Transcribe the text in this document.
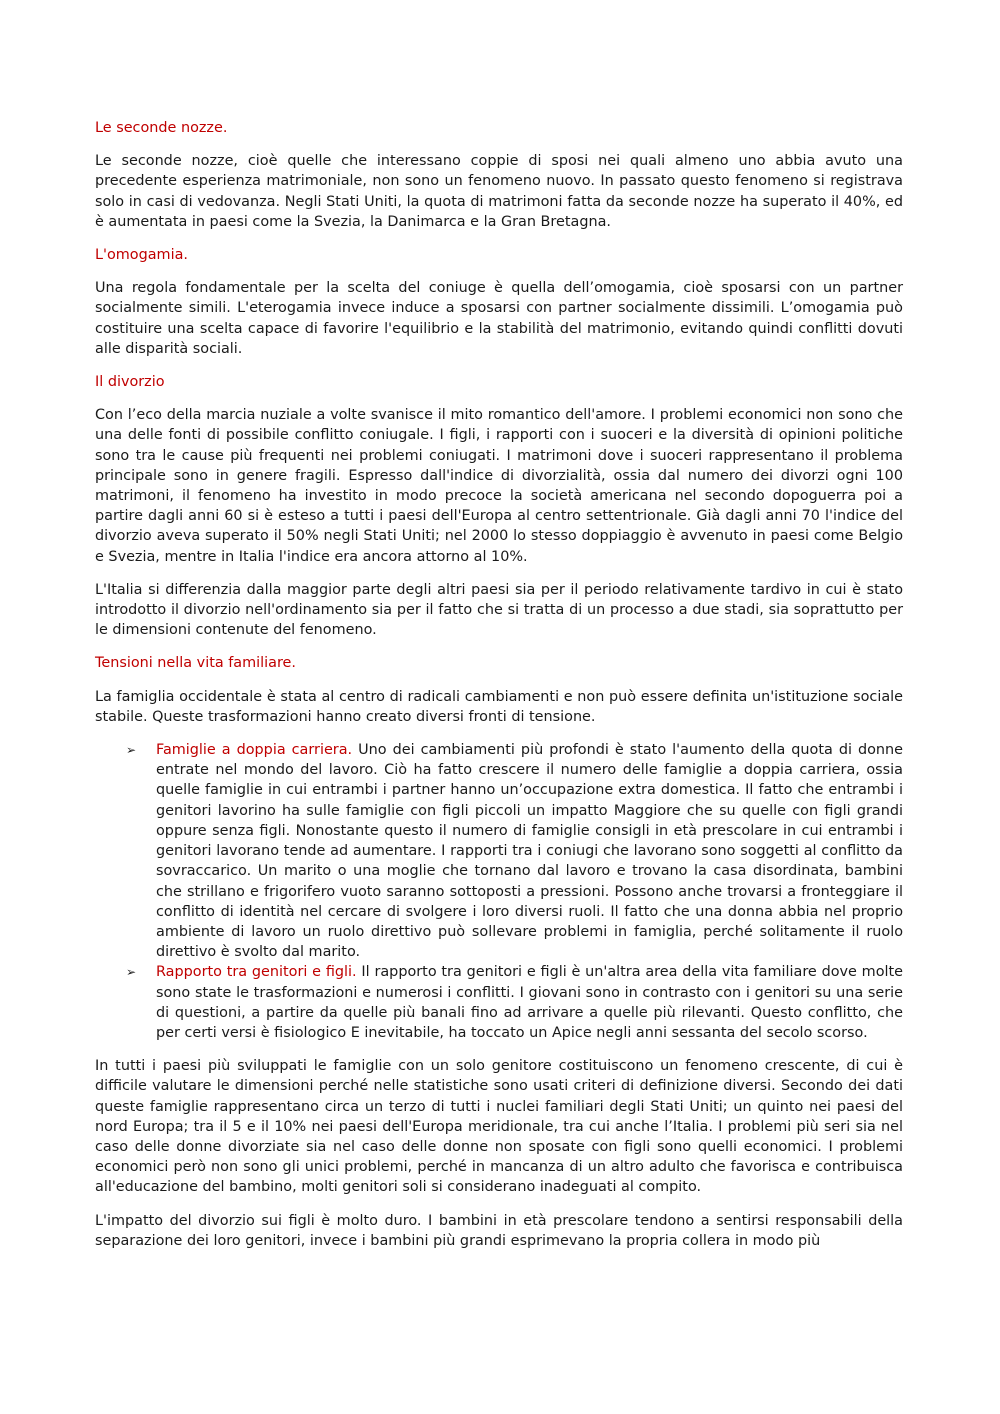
Le seconde nozze.

Le seconde nozze, cioè quelle che interessano coppie di sposi nei quali almeno uno abbia avuto una precedente esperienza matrimoniale, non sono un fenomeno nuovo. In passato questo fenomeno si registrava solo in casi di vedovanza. Negli Stati Uniti, la quota di matrimoni fatta da seconde nozze ha superato il 40%, ed è aumentata in paesi come la Svezia, la Danimarca e la Gran Bretagna.

L'omogamia.

Una regola fondamentale per la scelta del coniuge è quella dell’omogamia, cioè sposarsi con un partner socialmente simili. L'eterogamia invece induce a sposarsi con partner socialmente dissimili. L’omogamia può costituire una scelta capace di favorire l'equilibrio e la stabilità del matrimonio, evitando quindi conflitti dovuti alle disparità sociali.

Il divorzio

Con l’eco della marcia nuziale a volte svanisce il mito romantico dell'amore. I problemi economici non sono che una delle fonti di possibile conflitto coniugale. I figli, i rapporti con i suoceri e la diversità di opinioni politiche sono tra le cause più frequenti nei problemi coniugati. I matrimoni dove i suoceri rappresentano il problema principale sono in genere fragili. Espresso dall'indice di divorzialità, ossia dal numero dei divorzi ogni 100 matrimoni, il fenomeno ha investito in modo precoce la società americana nel secondo dopoguerra poi a partire dagli anni 60 si è esteso a tutti i paesi dell'Europa al centro settentrionale. Già dagli anni 70 l'indice del divorzio aveva superato il 50% negli Stati Uniti; nel 2000 lo stesso doppiaggio è avvenuto in paesi come Belgio e Svezia, mentre in Italia l'indice era ancora attorno al 10%.

L'Italia si differenzia dalla maggior parte degli altri paesi sia per il periodo relativamente tardivo in cui è stato introdotto il divorzio nell'ordinamento sia per il fatto che si tratta di un processo a due stadi, sia soprattutto per le dimensioni contenute del fenomeno.

Tensioni nella vita familiare.

La famiglia occidentale è stata al centro di radicali cambiamenti e non può essere definita un'istituzione sociale stabile. Queste trasformazioni hanno creato diversi fronti di tensione.

➢ Famiglie a doppia carriera. Uno dei cambiamenti più profondi è stato l'aumento della quota di donne entrate nel mondo del lavoro. Ciò ha fatto crescere il numero delle famiglie a doppia carriera, ossia quelle famiglie in cui entrambi i partner hanno un’occupazione extra domestica. Il fatto che entrambi i genitori lavorino ha sulle famiglie con figli piccoli un impatto Maggiore che su quelle con figli grandi oppure senza figli. Nonostante questo il numero di famiglie consigli in età prescolare in cui entrambi i genitori lavorano tende ad aumentare. I rapporti tra i coniugi che lavorano sono soggetti al conflitto da sovraccarico. Un marito o una moglie che tornano dal lavoro e trovano la casa disordinata, bambini che strillano e frigorifero vuoto saranno sottoposti a pressioni. Possono anche trovarsi a fronteggiare il conflitto di identità nel cercare di svolgere i loro diversi ruoli. Il fatto che una donna abbia nel proprio ambiente di lavoro un ruolo direttivo può sollevare problemi in famiglia, perché solitamente il ruolo direttivo è svolto dal marito.
➢ Rapporto tra genitori e figli. Il rapporto tra genitori e figli è un'altra area della vita familiare dove molte sono state le trasformazioni e numerosi i conflitti. I giovani sono in contrasto con i genitori su una serie di questioni, a partire da quelle più banali fino ad arrivare a quelle più rilevanti. Questo conflitto, che per certi versi è fisiologico E inevitabile, ha toccato un Apice negli anni sessanta del secolo scorso.

In tutti i paesi più sviluppati le famiglie con un solo genitore costituiscono un fenomeno crescente, di cui è difficile valutare le dimensioni perché nelle statistiche sono usati criteri di definizione diversi. Secondo dei dati queste famiglie rappresentano circa un terzo di tutti i nuclei familiari degli Stati Uniti; un quinto nei paesi del nord Europa; tra il 5 e il 10% nei paesi dell'Europa meridionale, tra cui anche l’Italia. I problemi più seri sia nel caso delle donne divorziate sia nel caso delle donne non sposate con figli sono quelli economici. I problemi economici però non sono gli unici problemi, perché in mancanza di un altro adulto che favorisca e contribuisca all'educazione del bambino, molti genitori soli si considerano inadeguati al compito.

L'impatto del divorzio sui figli è molto duro. I bambini in età prescolare tendono a sentirsi responsabili della separazione dei loro genitori, invece i bambini più grandi esprimevano la propria collera in modo più
